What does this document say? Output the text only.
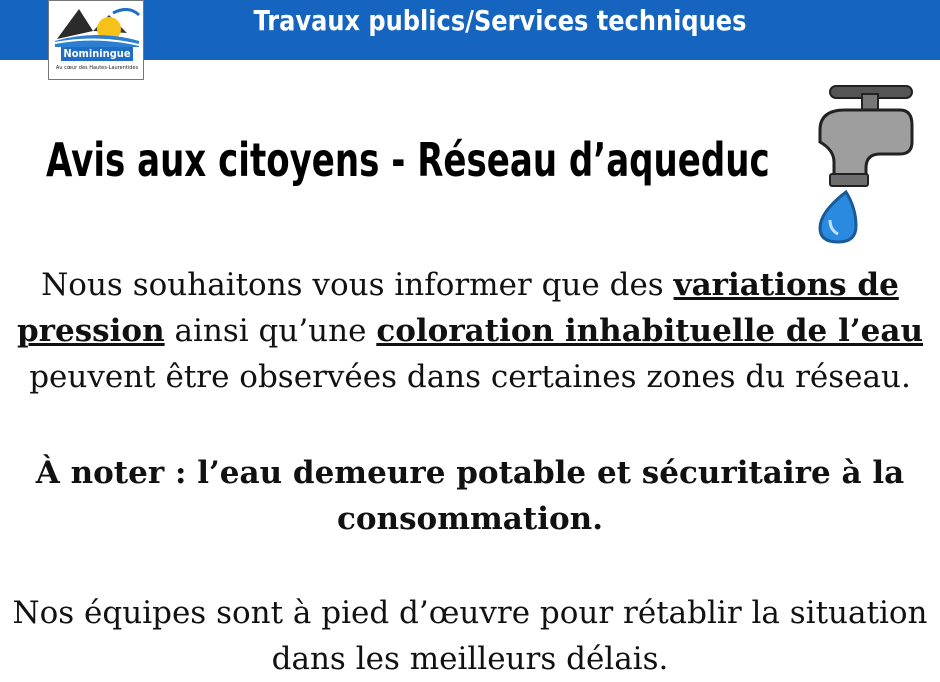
Travaux publics/Services techniques
Nominingue
Au cœur des Hautes-Laurentides
Avis aux citoyens - Réseau d’aqueduc
Nous souhaitons vous informer que des variations de pression ainsi qu’une coloration inhabituelle de l’eau peuvent être observées dans certaines zones du réseau.
À noter : l’eau demeure potable et sécuritaire à la consommation.
Nos équipes sont à pied d’œuvre pour rétablir la situation dans les meilleurs délais.
